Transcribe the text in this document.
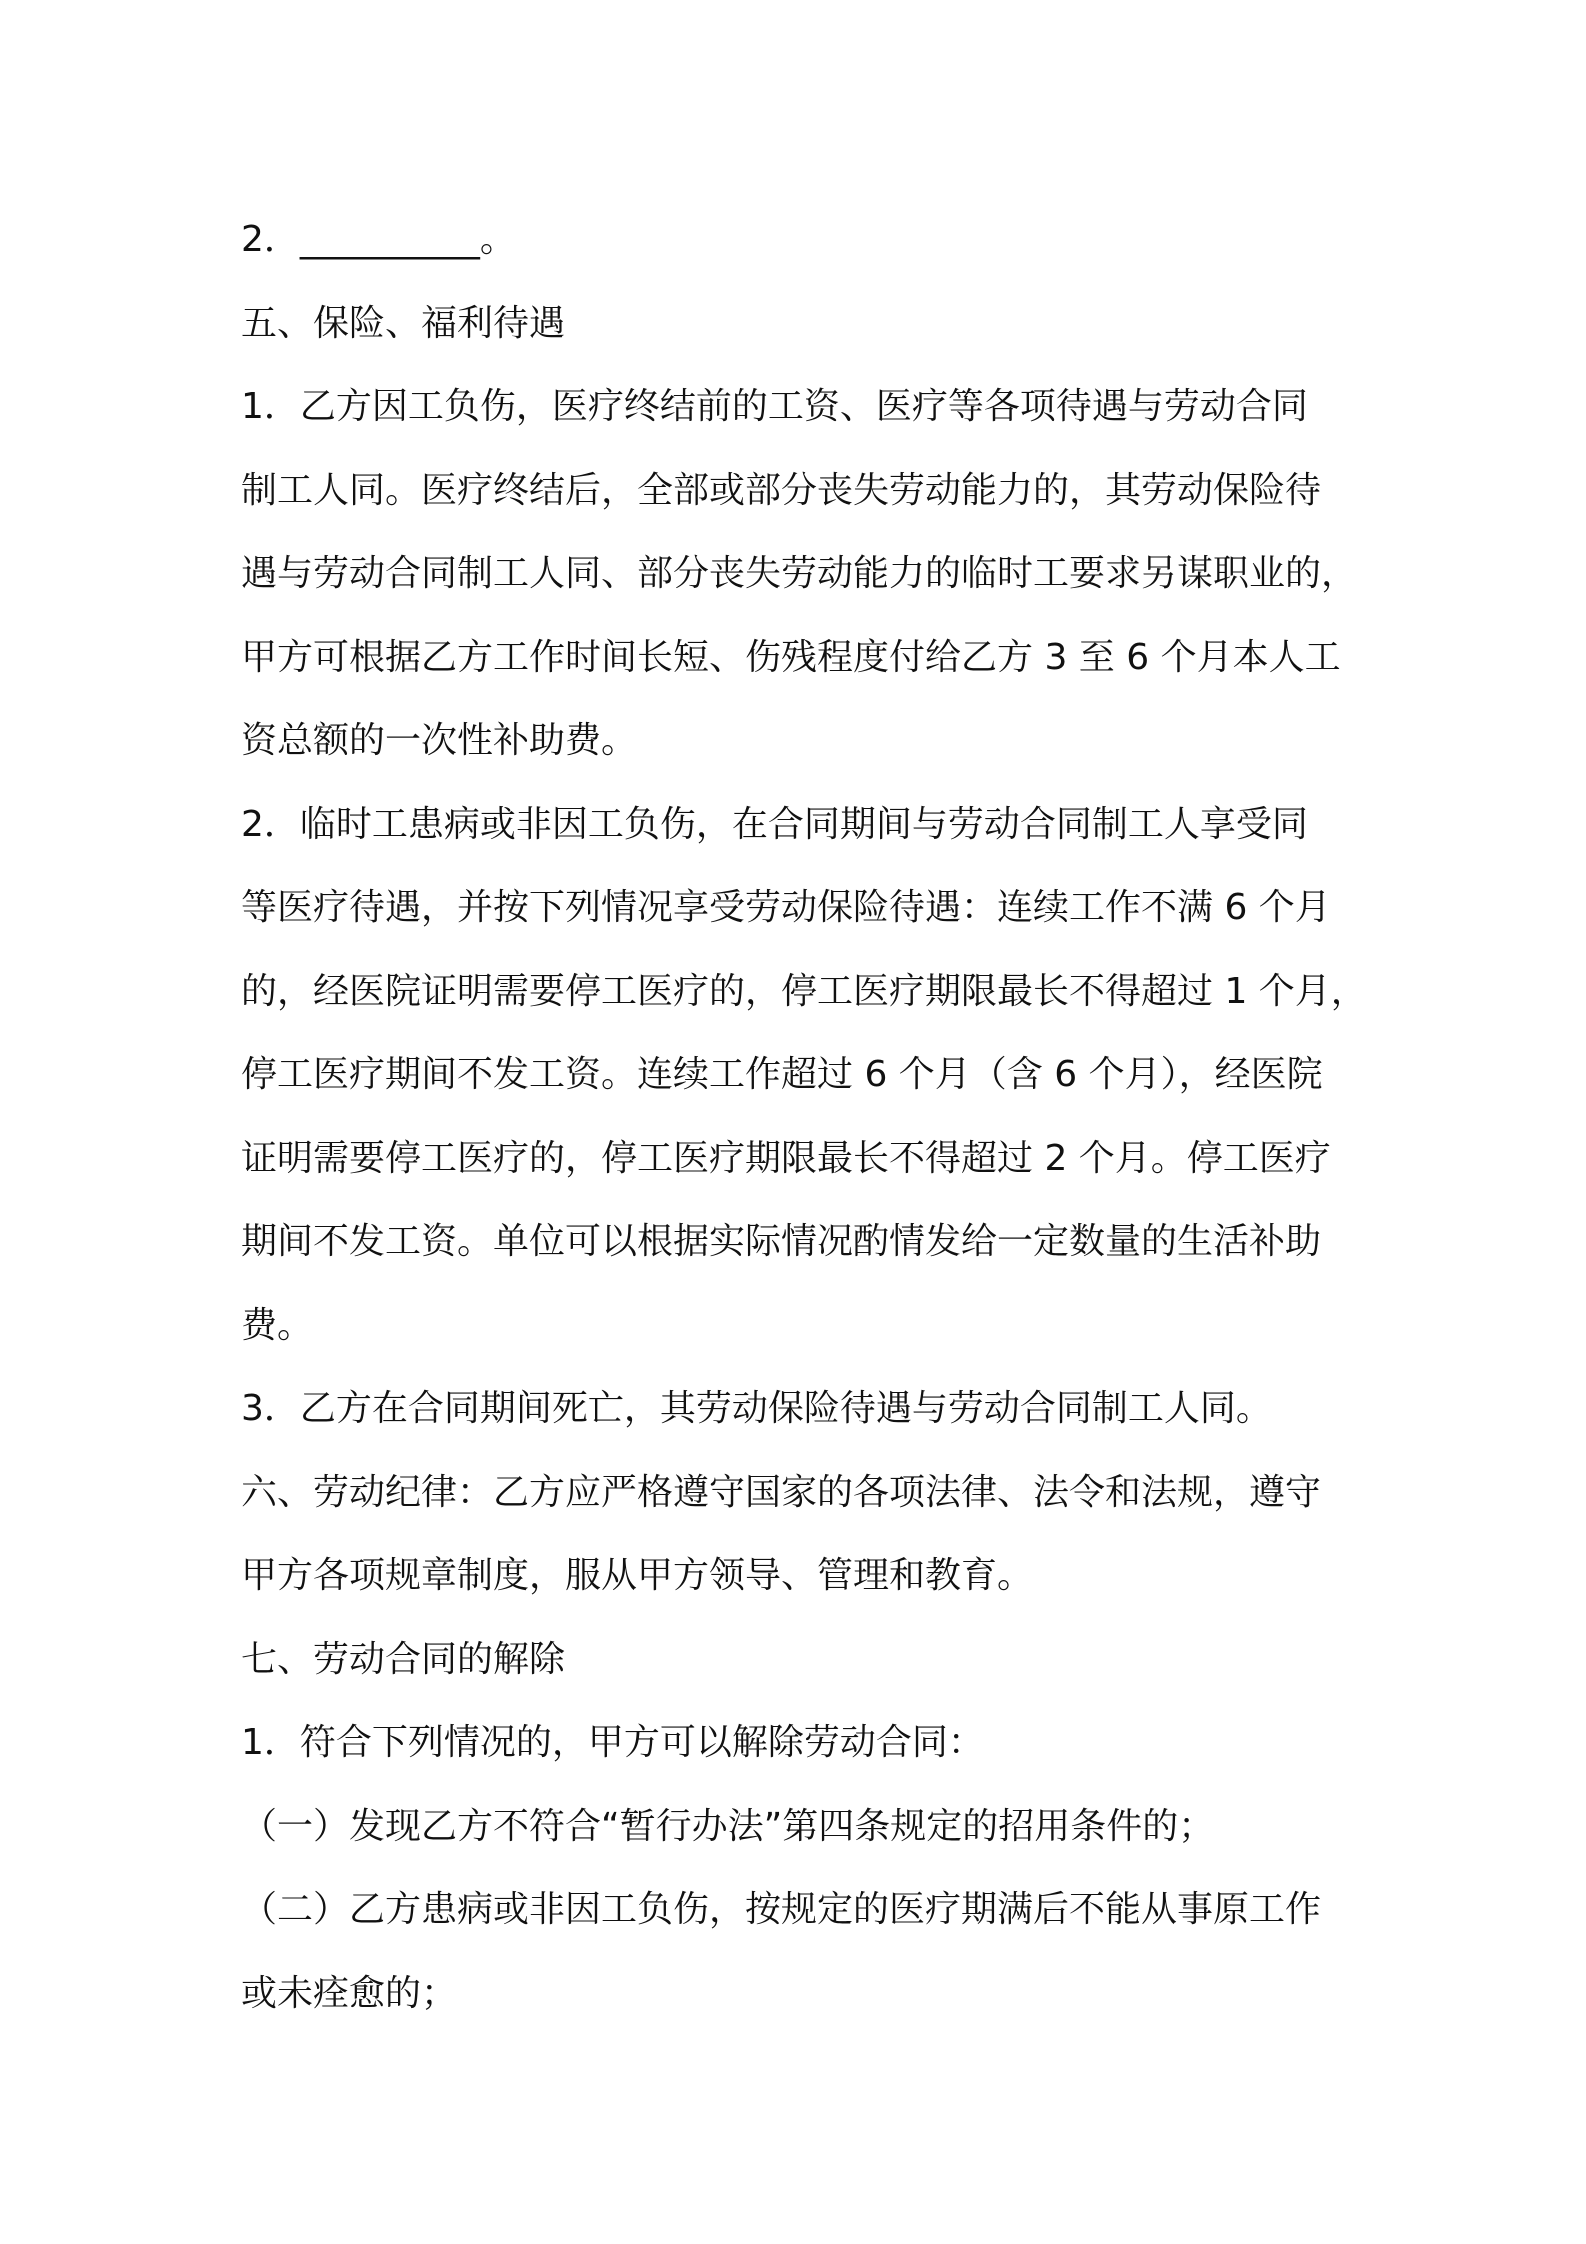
2．__________。
五、保险、福利待遇
1．乙方因工负伤，医疗终结前的工资、医疗等各项待遇与劳动合同
制工人同。医疗终结后，全部或部分丧失劳动能力的，其劳动保险待
遇与劳动合同制工人同、部分丧失劳动能力的临时工要求另谋职业的，
甲方可根据乙方工作时间长短、伤残程度付给乙方 3 至 6 个月本人工
资总额的一次性补助费。
2．临时工患病或非因工负伤，在合同期间与劳动合同制工人享受同
等医疗待遇，并按下列情况享受劳动保险待遇：连续工作不满 6 个月
的，经医院证明需要停工医疗的，停工医疗期限最长不得超过 1 个月，
停工医疗期间不发工资。连续工作超过 6 个月（含 6 个月），经医院
证明需要停工医疗的，停工医疗期限最长不得超过 2 个月。停工医疗
期间不发工资。单位可以根据实际情况酌情发给一定数量的生活补助
费。
3．乙方在合同期间死亡，其劳动保险待遇与劳动合同制工人同。
六、劳动纪律：乙方应严格遵守国家的各项法律、法令和法规，遵守
甲方各项规章制度，服从甲方领导、管理和教育。
七、劳动合同的解除
1．符合下列情况的，甲方可以解除劳动合同：
（一）发现乙方不符合“暂行办法”第四条规定的招用条件的；
（二）乙方患病或非因工负伤，按规定的医疗期满后不能从事原工作
或未痊愈的；
